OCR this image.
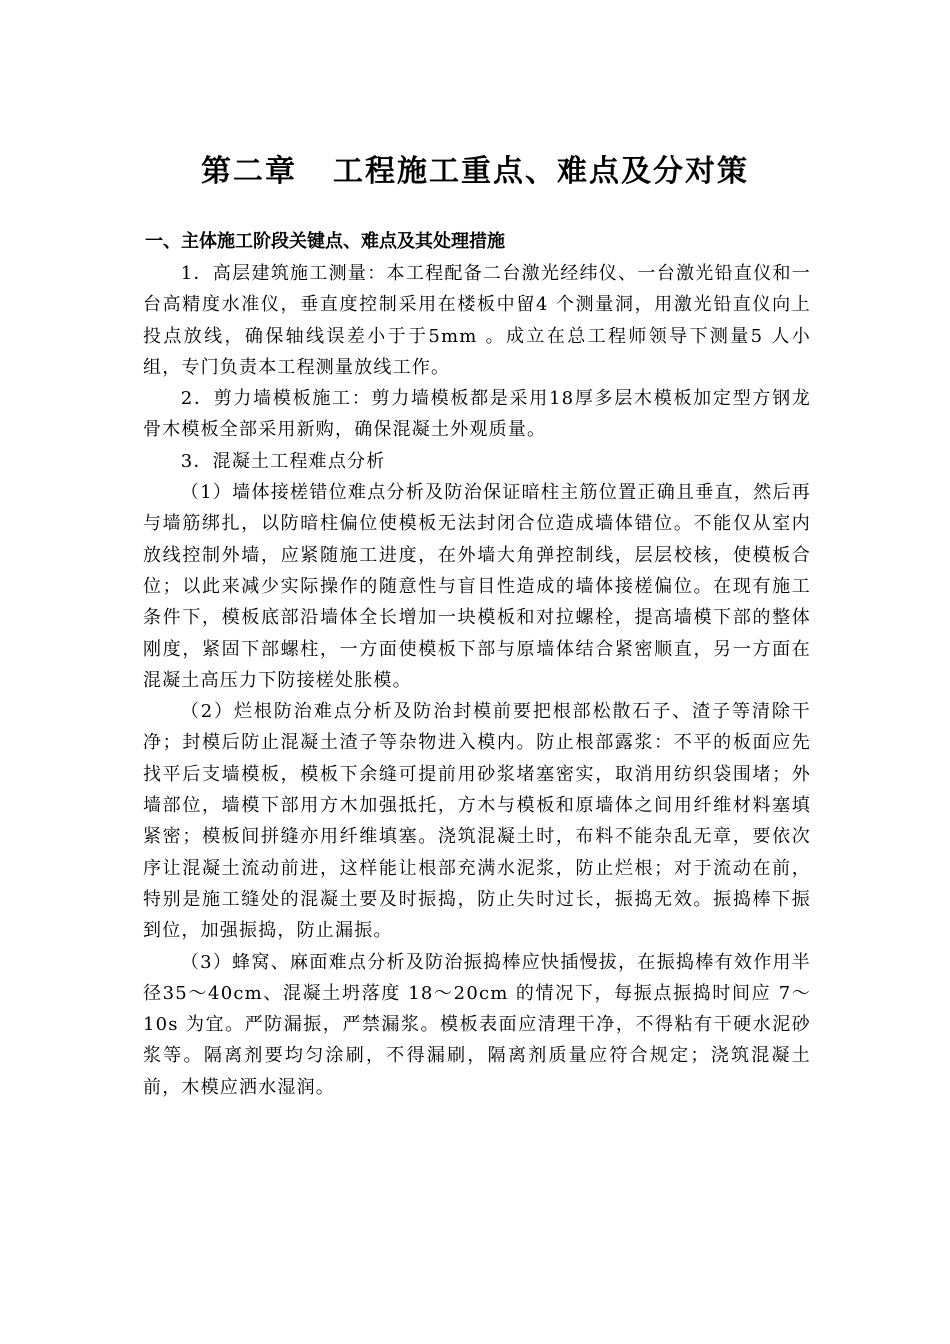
第二章 工程施工重点、难点及分对策
一、主体施工阶段关键点、难点及其处理措施

1．高层建筑施工测量：本工程配备二台激光经纬仪、一台激光铅直仪和一台高精度水准仪，垂直度控制采用在楼板中留4 个测量洞，用激光铅直仪向上投点放线，确保轴线误差小于于5mm 。成立在总工程师领导下测量5 人小组，专门负责本工程测量放线工作。

2．剪力墙模板施工：剪力墙模板都是采用18厚多层木模板加定型方钢龙骨木模板全部采用新购，确保混凝土外观质量。

3．混凝土工程难点分析

（1）墙体接槎错位难点分析及防治保证暗柱主筋位置正确且垂直，然后再与墙筋绑扎，以防暗柱偏位使模板无法封闭合位造成墙体错位。不能仅从室内放线控制外墙，应紧随施工进度，在外墙大角弹控制线，层层校核，使模板合位；以此来减少实际操作的随意性与盲目性造成的墙体接槎偏位。在现有施工条件下，模板底部沿墙体全长增加一块模板和对拉螺栓，提高墙模下部的整体刚度，紧固下部螺柱，一方面使模板下部与原墙体结合紧密顺直，另一方面在混凝土高压力下防接槎处胀模。

（2）烂根防治难点分析及防治封模前要把根部松散石子、渣子等清除干净；封模后防止混凝土渣子等杂物进入模内。防止根部露浆：不平的板面应先找平后支墙模板，模板下余缝可提前用砂浆堵塞密实，取消用纺织袋围堵；外墙部位，墙模下部用方木加强抵托，方木与模板和原墙体之间用纤维材料塞填紧密；模板间拼缝亦用纤维填塞。浇筑混凝土时，布料不能杂乱无章，要依次序让混凝土流动前进，这样能让根部充满水泥浆，防止烂根；对于流动在前，特别是施工缝处的混凝土要及时振捣，防止失时过长，振捣无效。振捣棒下振到位，加强振捣，防止漏振。

（3）蜂窝、麻面难点分析及防治振捣棒应快插慢拔，在振捣棒有效作用半径35～40cm、混凝土坍落度 18～20cm 的情况下，每振点振捣时间应 7～10s 为宜。严防漏振，严禁漏浆。模板表面应清理干净，不得粘有干硬水泥砂浆等。隔离剂要均匀涂刷，不得漏刷，隔离剂质量应符合规定；浇筑混凝土前，木模应洒水湿润。
